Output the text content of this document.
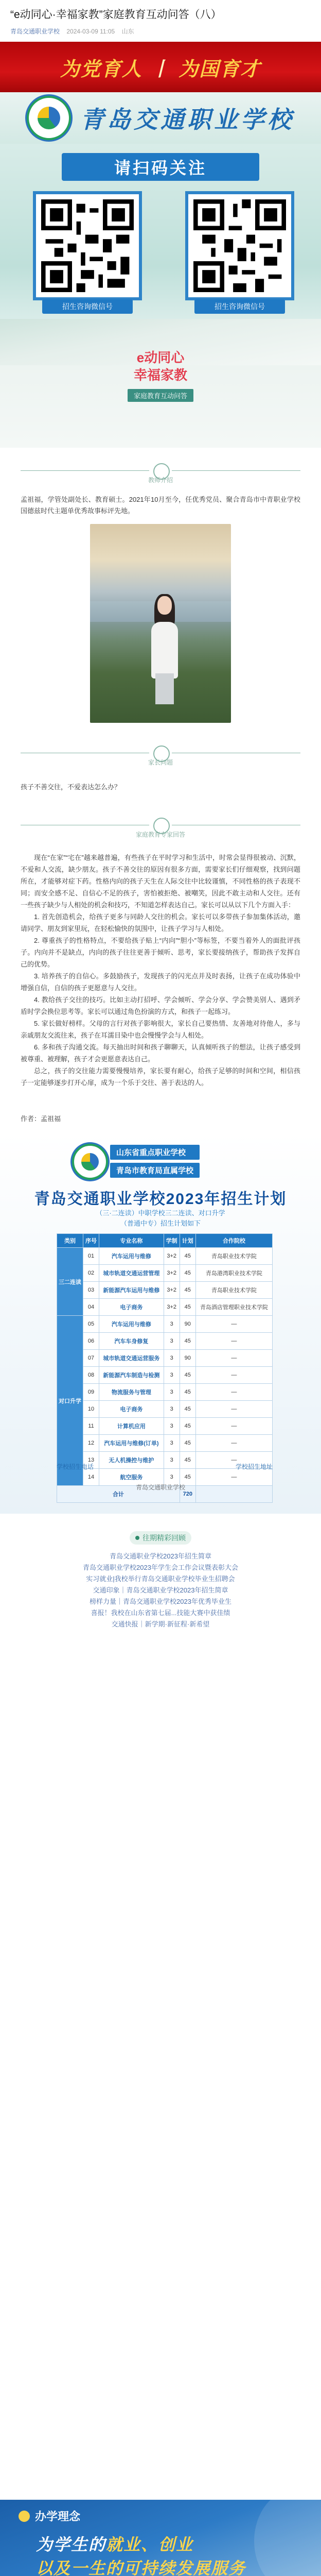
“e动同心·幸福家教”家庭教育互动问答（八）
青岛交通职业学校 2024-03-09 11:05 山东
为党育人 丨 为国育才
青岛交通职业学校
请扫码关注
招生咨询微信号	招生咨询微信号
e动同心
幸福家教
家庭教育互动问答
教师介绍
孟祖福，学管处副处长、教育硕士。2021年10月至今，任优秀党员、聚合青岛市中青职业学校国德兹时代主题单优秀故事标评先地。
家长问题
孩子不善交往，不爱表达怎么办？
家庭教育专家回答

现在“在家”“宅在”越来越普遍，有些孩子在平时学习和生活中，时常会显得很被动、沉默，不爱和人交流，缺少朋友。孩子不善交往的原因有很多方面，需要家长们仔细观察，找到问题所在，才能够对症下药。性格内向的孩子天生在人际交往中比较谨慎，不同性格的孩子表现不同；而安全感不足、自信心不足的孩子，害怕被拒绝、被嘲笑，因此不敢主动和人交往。还有一些孩子缺少与人相处的机会和技巧，不知道怎样表达自己。家长可以从以下几个方面入手：

1. 首先创造机会，给孩子更多与同龄人交往的机会。家长可以多带孩子参加集体活动，邀请同学、朋友到家里玩，在轻松愉快的氛围中，让孩子学习与人相处。

2. 尊重孩子的性格特点，不要给孩子贴上“内向”“胆小”等标签，不要当着外人的面批评孩子。内向并不是缺点，内向的孩子往往更善于倾听、思考，家长要接纳孩子，帮助孩子发挥自己的优势。

3. 培养孩子的自信心。多鼓励孩子，发现孩子的闪光点并及时表扬，让孩子在成功体验中增强自信，自信的孩子更愿意与人交往。

4. 教给孩子交往的技巧。比如主动打招呼、学会倾听、学会分享、学会赞美别人、遇到矛盾时学会换位思考等。家长可以通过角色扮演的方式，和孩子一起练习。

5. 家长做好榜样。父母的言行对孩子影响很大，家长自己要热情、友善地对待他人，多与亲戚朋友交流往来，孩子在耳濡目染中也会慢慢学会与人相处。

6. 多和孩子沟通交流。每天抽出时间和孩子聊聊天，认真倾听孩子的想法，让孩子感受到被尊重、被理解，孩子才会更愿意表达自己。

总之，孩子的交往能力需要慢慢培养，家长要有耐心，给孩子足够的时间和空间，相信孩子一定能够逐步打开心扉，成为一个乐于交往、善于表达的人。

作者：孟祖福
山东省重点职业学校
青岛市教育局直属学校
青岛交通职业学校2023年招生计划
（三·二连读）中职学校三二连读、对口升学
（普通中专）招生计划如下
类别	序号	专业名称	学制	计划	合作院校
三二连读	01	汽车运用与维修	3+2	45	青岛职业技术学院
	02	城市轨道交通运营管理	3+2	45	青岛港湾职业技术学院
	03	新能源汽车运用与维修	3+2	45	青岛职业技术学院
	04	电子商务	3+2	45	青岛酒店管理职业技术学院
对口升学	05	汽车运用与维修	3	90	—
	06	汽车车身修复	3	45	—
	07	城市轨道交通运营服务	3	90	—
	08	新能源汽车制造与检测	3	45	—
	09	物流服务与管理	3	45	—
	10	电子商务	3	45	—
	11	计算机应用	3	45	—
	12	汽车运用与维修(订单)	3	45	—
	13	无人机操控与维护	3	45	—
	14	航空服务	3	45	—
合计				720	
学校招生电话	学校招生地址
青岛交通职业学校
往期精彩回顾
青岛交通职业学校2023年招生简章
青岛交通职业学校2023年学生会工作会议暨表彰大会
实习就业|我校举行青岛交通职业学校毕业生招聘会
交通印象｜青岛交通职业学校2023年招生简章
榜样力量｜青岛交通职业学校2023年优秀毕业生
喜报！我校在山东省第七届...技能大赛中获佳绩
交通快报｜新学期·新征程·新希望
办学理念
为学生的就业、创业
以及一生的可持续发展服务
